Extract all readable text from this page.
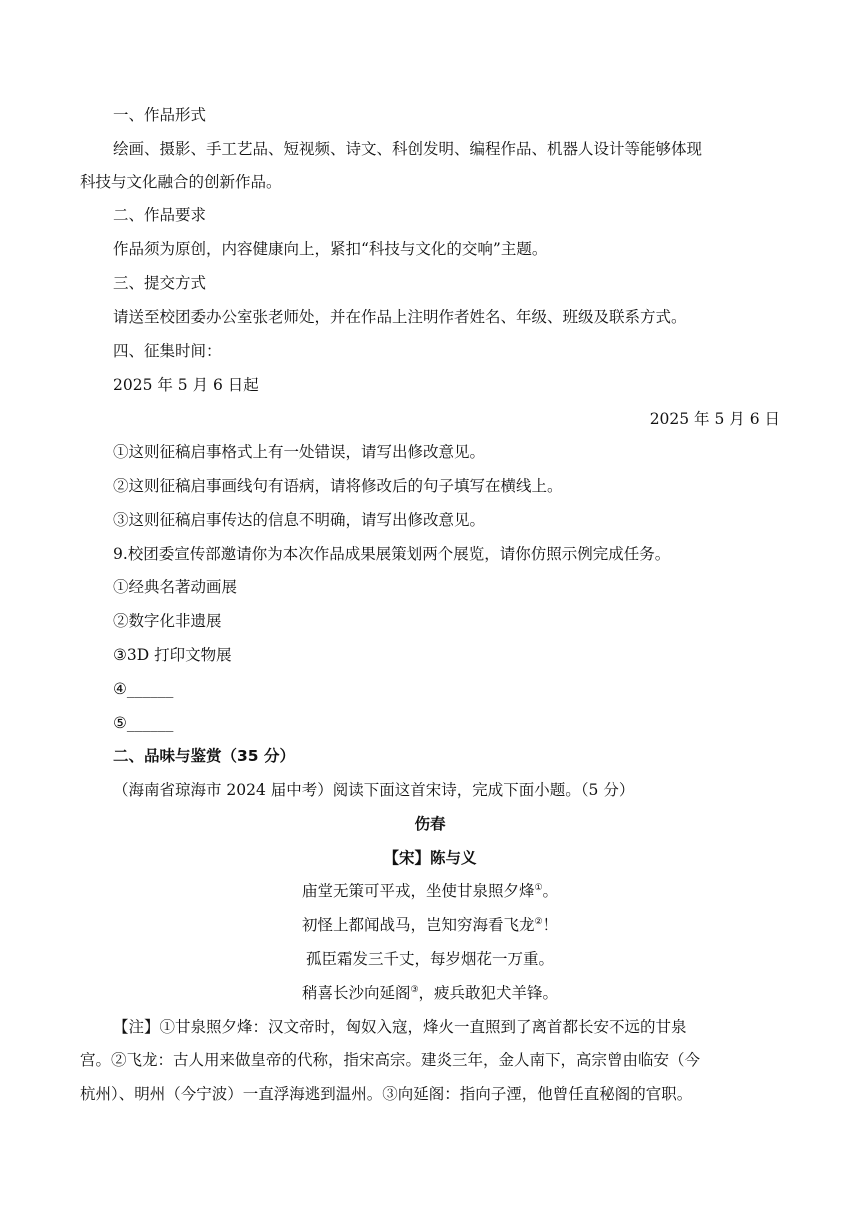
一、作品形式
绘画、摄影、手工艺品、短视频、诗文、科创发明、编程作品、机器人设计等能够体现
科技与文化融合的创新作品。
二、作品要求
作品须为原创，内容健康向上，紧扣“科技与文化的交响”主题。
三、提交方式
请送至校团委办公室张老师处，并在作品上注明作者姓名、年级、班级及联系方式。
四、征集时间：
2025 年 5 月 6 日起
2025 年 5 月 6 日
①这则征稿启事格式上有一处错误，请写出修改意见。
②这则征稿启事画线句有语病，请将修改后的句子填写在横线上。
③这则征稿启事传达的信息不明确，请写出修改意见。
9.校团委宣传部邀请你为本次作品成果展策划两个展览，请你仿照示例完成任务。
①经典名著动画展
②数字化非遗展
③3D 打印文物展
④______
⑤______
二、品味与鉴赏（35 分）
（海南省琼海市 2024 届中考）阅读下面这首宋诗，完成下面小题。（5 分）
伤春
【宋】陈与义
庙堂无策可平戎，坐使甘泉照夕烽①。
初怪上都闻战马，岂知穷海看飞龙②！
孤臣霜发三千丈，每岁烟花一万重。
稍喜长沙向延阁③，疲兵敢犯犬羊锋。
【注】①甘泉照夕烽：汉文帝时，匈奴入寇，烽火一直照到了离首都长安不远的甘泉
宫。②飞龙：古人用来做皇帝的代称，指宋高宗。建炎三年，金人南下，高宗曾由临安（今
杭州）、明州（今宁波）一直浮海逃到温州。③向延阁：指向子湮，他曾任直秘阁的官职。
